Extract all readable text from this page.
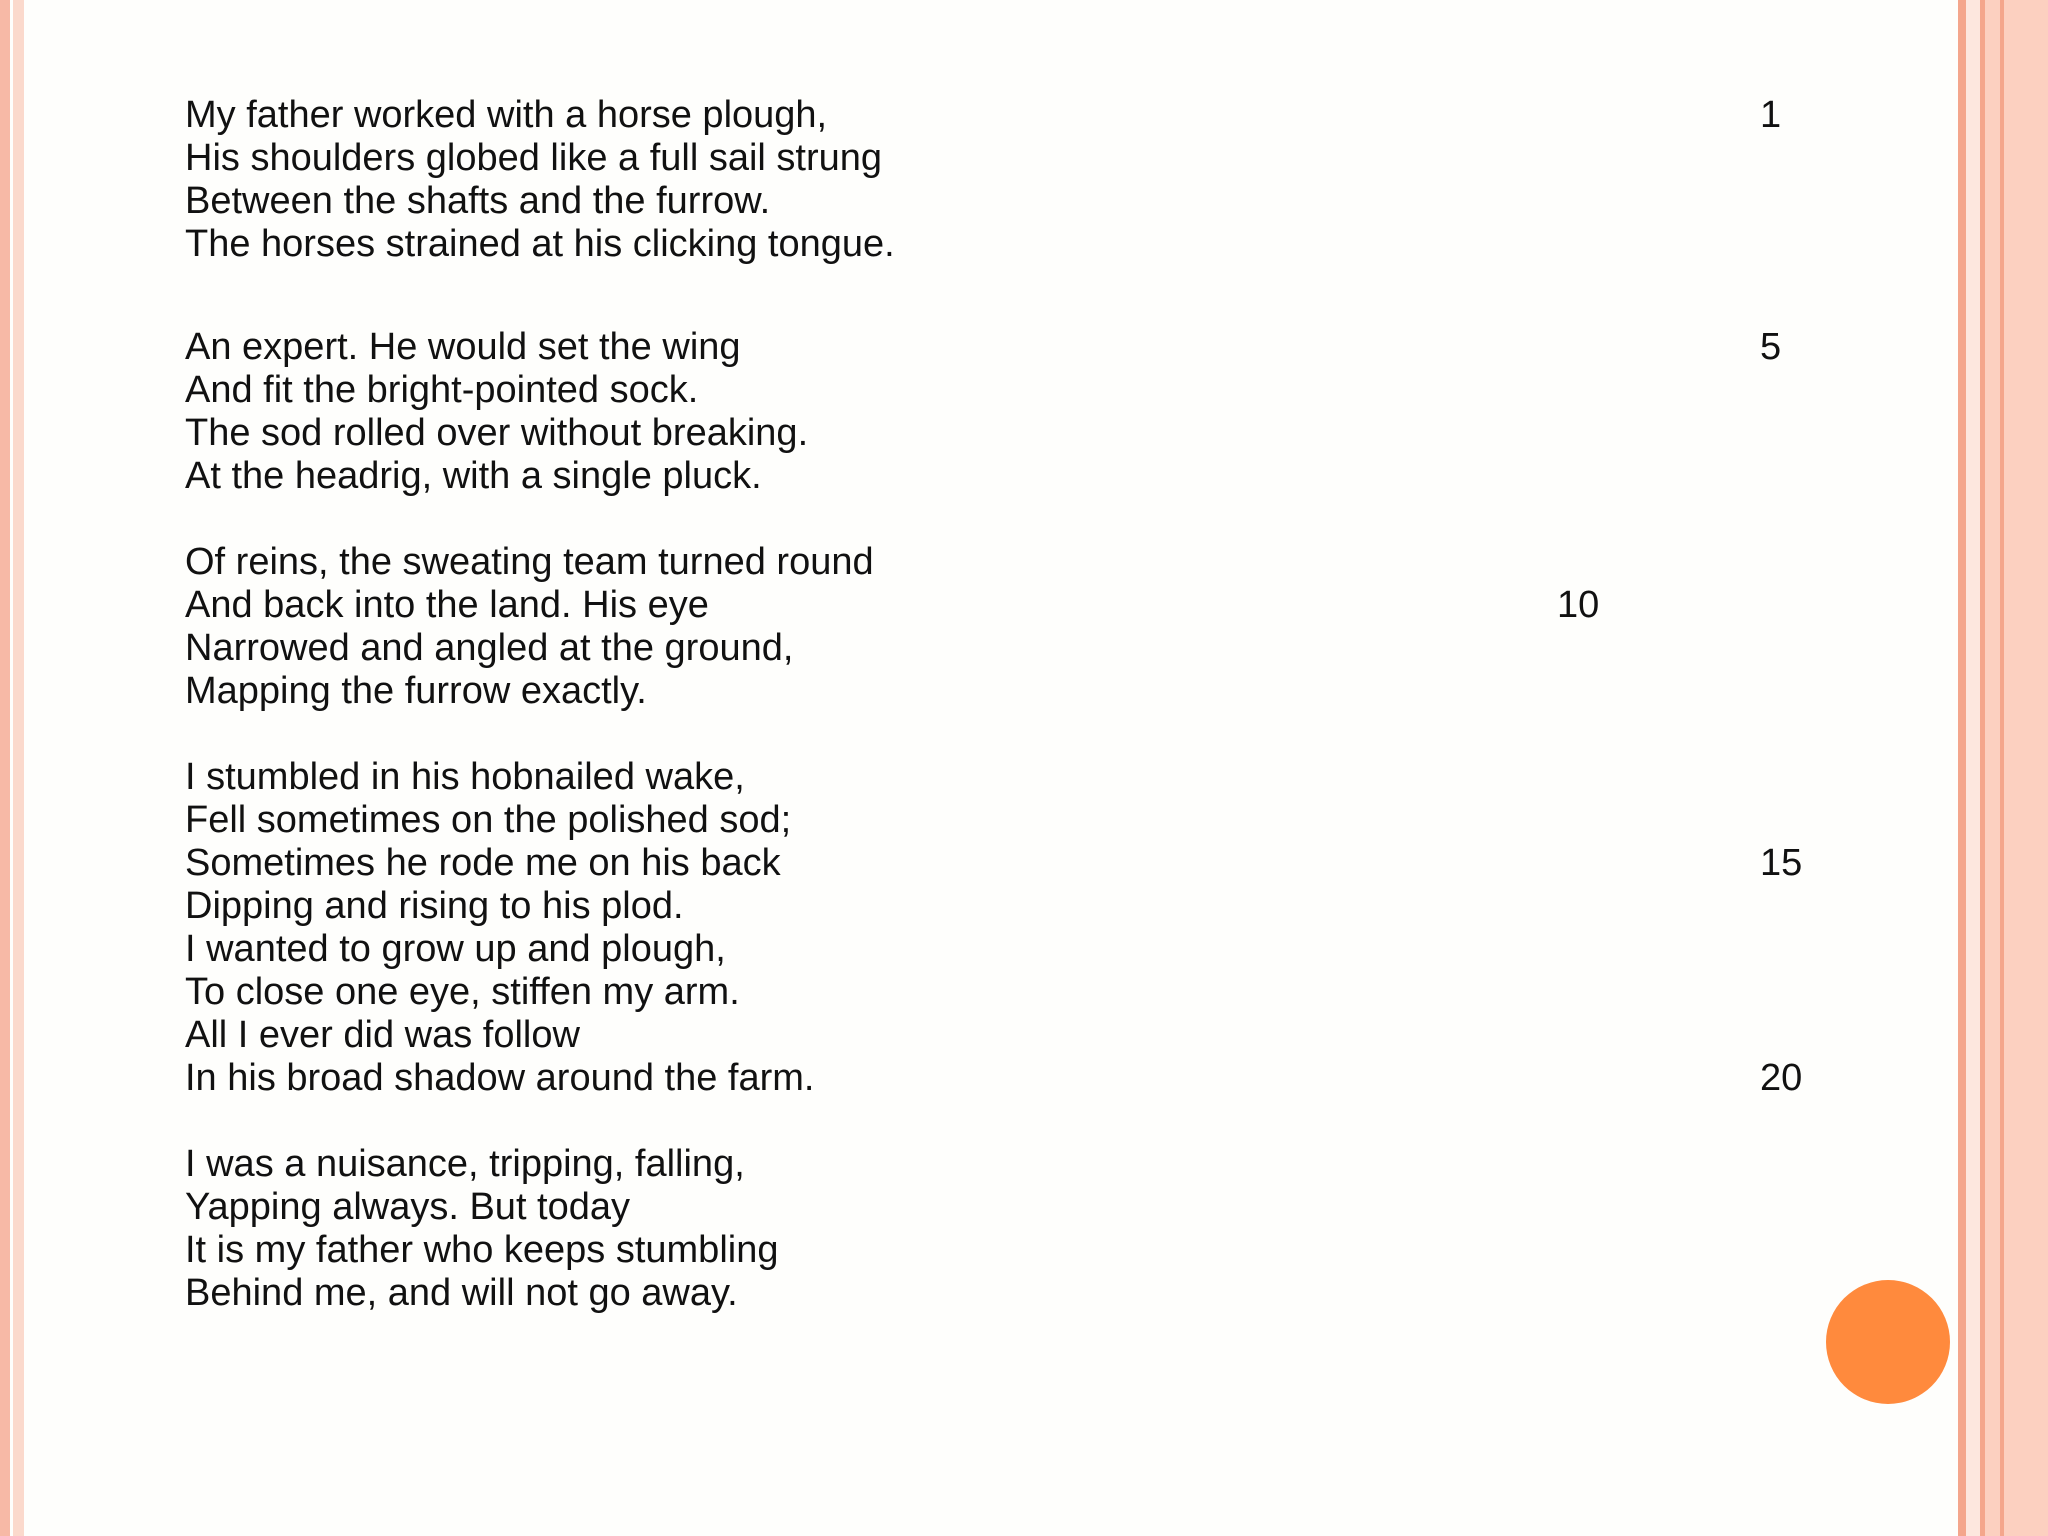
My father worked with a horse plough,
His shoulders globed like a full sail strung
Between the shafts and the furrow.
The horses strained at his clicking tongue.
An expert. He would set the wing
And fit the bright-pointed sock.
The sod rolled over without breaking.
At the headrig, with a single pluck.
Of reins, the sweating team turned round
And back into the land. His eye
Narrowed and angled at the ground,
Mapping the furrow exactly.
I stumbled in his hobnailed wake,
Fell sometimes on the polished sod;
Sometimes he rode me on his back
Dipping and rising to his plod.
I wanted to grow up and plough,
To close one eye, stiffen my arm.
All I ever did was follow
In his broad shadow around the farm.
I was a nuisance, tripping, falling,
Yapping always. But today
It is my father who keeps stumbling
Behind me, and will not go away.
1
5
10
15
20
